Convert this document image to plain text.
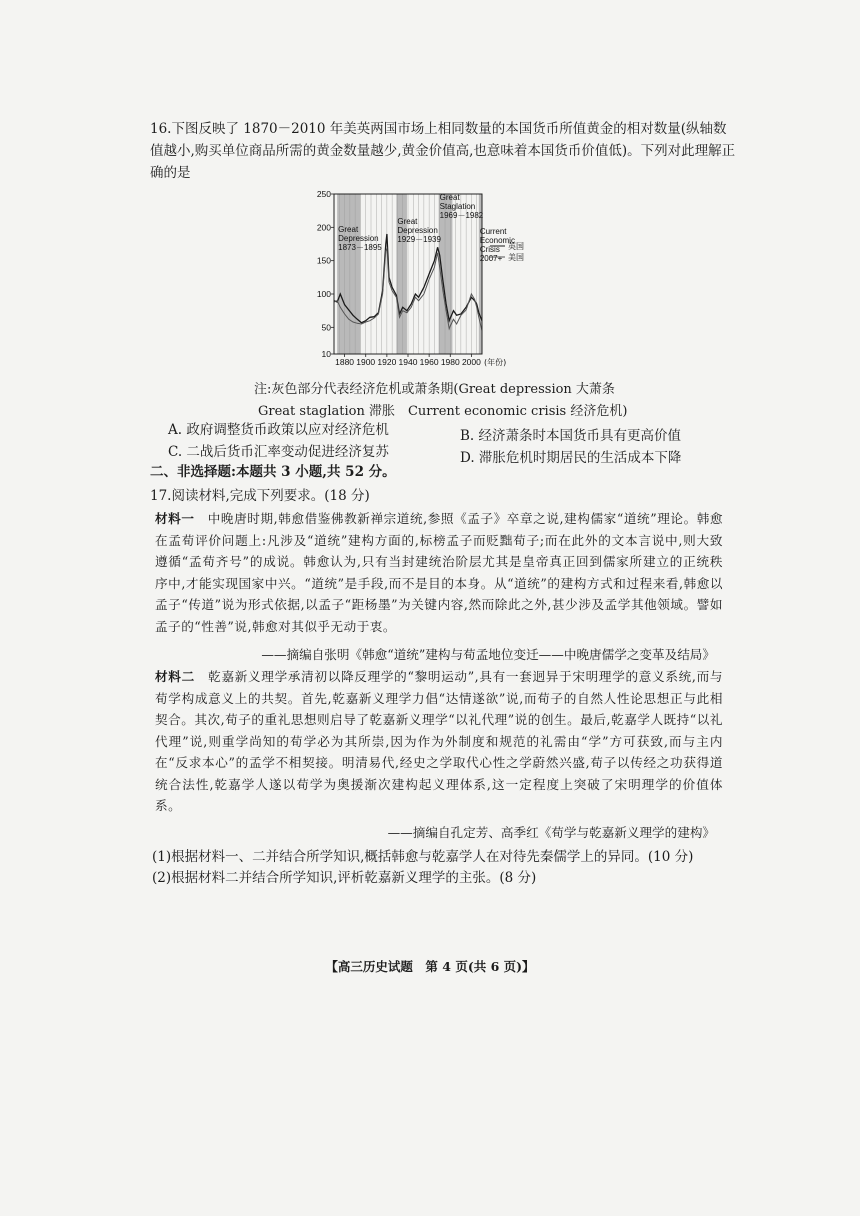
16.下图反映了 1870－2010 年美英两国市场上相同数量的本国货币所值黄金的相对数量(纵轴数值越小,购买单位商品所需的黄金数量越少,黄金价值高,也意味着本国货币价值低)。下列对此理解正确的是
Great
Depression
1873－1895
Great
Depression
1929－1939
Great
Staglation
1969－1982
Current
Economic
Crisis
2007+
250
200
150
100
50
10
1880 1900 1920 1940 1960 1980 2000 (年份)
英国
美国
注:灰色部分代表经济危机或萧条期(Great depression 大萧条
Great staglation 滞胀　Current economic crisis 经济危机)
A. 政府调整货币政策以应对经济危机	B. 经济萧条时本国货币具有更高价值
C. 二战后货币汇率变动促进经济复苏	D. 滞胀危机时期居民的生活成本下降
二、非选择题:本题共 3 小题,共 52 分。
17.阅读材料,完成下列要求。(18 分)
材料一　 中晚唐时期,韩愈借鉴佛教新禅宗道统,参照《孟子》卒章之说,建构儒家“道统”理论。韩愈在孟荀评价问题上:凡涉及“道统”建构方面的,标榜孟子而贬黜荀子;而在此外的文本言说中,则大致遵循“孟荀齐号”的成说。韩愈认为,只有当封建统治阶层尤其是皇帝真正回到儒家所建立的正统秩序中,才能实现国家中兴。“道统”是手段,而不是目的本身。从“道统”的建构方式和过程来看,韩愈以孟子“传道”说为形式依据,以孟子“距杨墨”为关键内容,然而除此之外,甚少涉及孟学其他领域。譬如孟子的“性善”说,韩愈对其似乎无动于衷。
——摘编自张明《韩愈“道统”建构与荀孟地位变迁——中晚唐儒学之变革及结局》
材料二　 乾嘉新义理学承清初以降反理学的“黎明运动”,具有一套迥异于宋明理学的意义系统,而与荀学构成意义上的共契。首先,乾嘉新义理学力倡“达情遂欲”说,而荀子的自然人性论思想正与此相契合。其次,荀子的重礼思想则启导了乾嘉新义理学“以礼代理”说的创生。最后,乾嘉学人既持“以礼代理”说,则重学尚知的荀学必为其所崇,因为作为外制度和规范的礼需由“学”方可获致,而与主内在“反求本心”的孟学不相契接。明清易代,经史之学取代心性之学蔚然兴盛,荀子以传经之功获得道统合法性,乾嘉学人遂以荀学为奥援渐次建构起义理体系,这一定程度上突破了宋明理学的价值体系。
——摘编自孔定芳、高季红《荀学与乾嘉新义理学的建构》
(1)根据材料一、二并结合所学知识,概括韩愈与乾嘉学人在对待先秦儒学上的异同。(10 分)
(2)根据材料二并结合所学知识,评析乾嘉新义理学的主张。(8 分)
【高三历史试题　第 4 页(共 6 页)】
